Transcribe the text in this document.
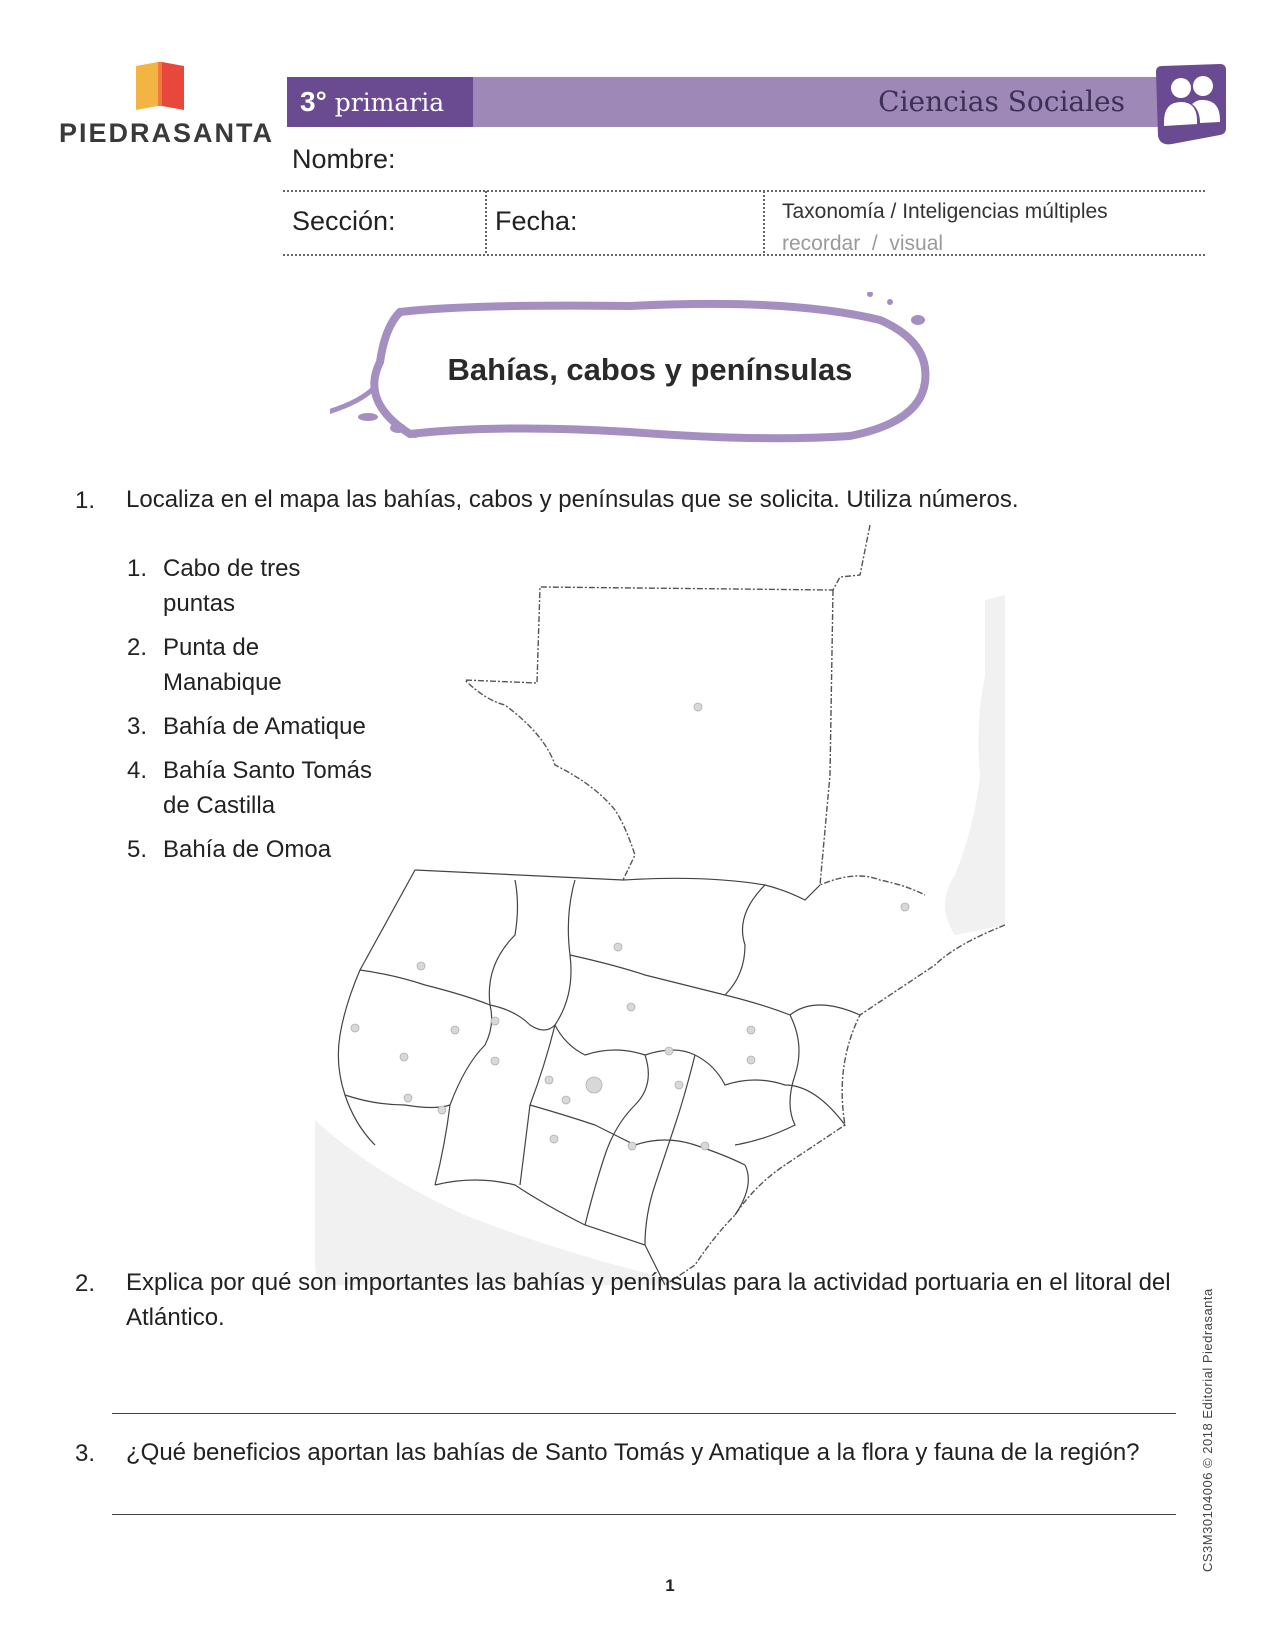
PIEDRASANTA
3° primaria	Ciencias Sociales
Nombre:
Sección:	Fecha:	Taxonomía / Inteligencias múltiples
recordar  /  visual
Bahías, cabos y penínsulas
1. Localiza en el mapa las bahías, cabos y penínsulas que se solicita. Utiliza números.
1. Cabo de tres
puntas
2. Punta de
Manabique
3. Bahía de Amatique
4. Bahía Santo Tomás
de Castilla
5. Bahía de Omoa
2. Explica por qué son importantes las bahías y penínsulas para la actividad portuaria en el litoral del Atlántico.
3. ¿Qué beneficios aportan las bahías de Santo Tomás y Amatique a la flora y fauna de la región?	CS3M30104006 © 2018 Editorial Piedrasanta
1
